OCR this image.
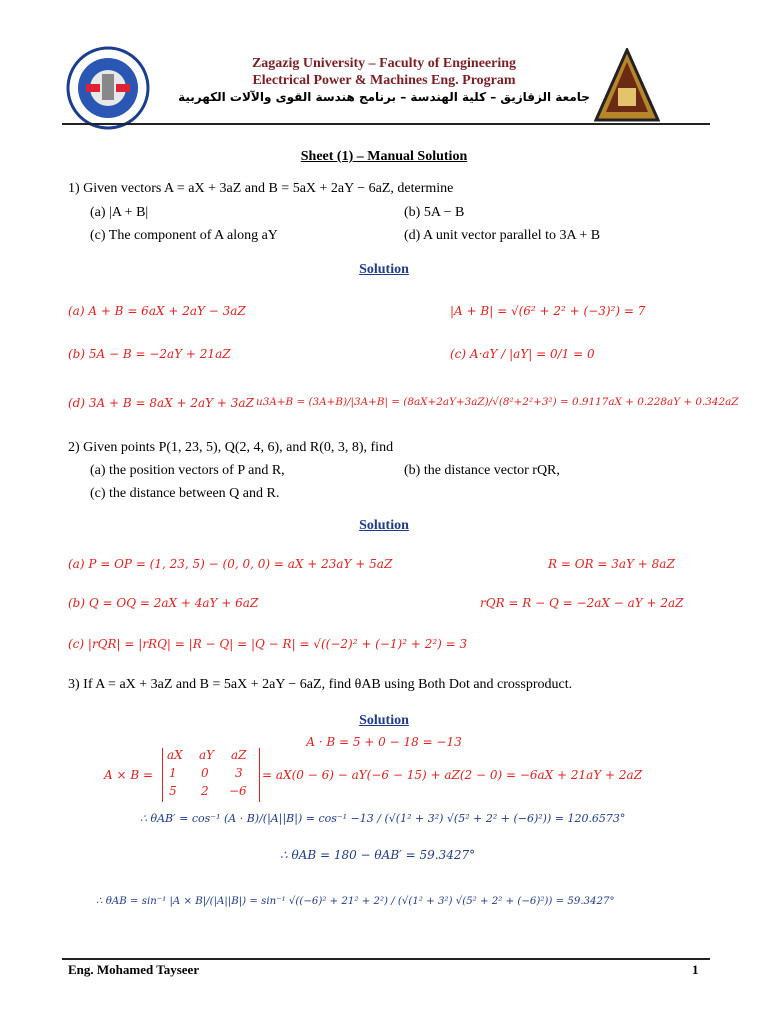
Zagazig University – Faculty of Engineering
Electrical Power & Machines Eng. Program
جامعة الزقازيق – كلية الهندسة – برنامج هندسة القوى والآلات الكهربية
Sheet (1) – Manual Solution
1) Given vectors A = aX + 3aZ and B = 5aX + 2aY − 6aZ, determine
(a) |A + B|	(b) 5A − B
(c) The component of A along aY	(d) A unit vector parallel to 3A + B
Solution
(a) A + B = 6aX + 2aY − 3aZ	|A + B| = √(6² + 2² + (−3)²) = 7
(b) 5A − B = −2aY + 21aZ	(c) A·aY / |aY| = 0/1 = 0
(d) 3A + B = 8aX + 2aY + 3aZ u3A+B = (3A+B)/|3A+B| = (8aX+2aY+3aZ)/√(8²+2²+3²) = 0.9117aX + 0.228aY + 0.342aZ
2) Given points P(1, 23, 5), Q(2, 4, 6), and R(0, 3, 8), find
(a) the position vectors of P and R,	(b) the distance vector rQR,
(c) the distance between Q and R.
Solution
(a) P = OP = (1, 23, 5) − (0, 0, 0) = aX + 23aY + 5aZ	R = OR = 3aY + 8aZ
(b) Q = OQ = 2aX + 4aY + 6aZ	rQR = R − Q = −2aX − aY + 2aZ
(c) |rQR| = |rRQ| = |R − Q| = |Q − R| = √((−2)² + (−1)² + 2²) = 3
3) If A = aX + 3aZ and B = 5aX + 2aY − 6aZ, find θAB using Both Dot and crossproduct.
Solution
A · B = 5 + 0 − 18 = −13
A × B =
aX aY aZ
1 0 3
5 2 −6
= aX(0 − 6) − aY(−6 − 15) + aZ(2 − 0) = −6aX + 21aY + 2aZ
∴ θAB′ = cos⁻¹ (A · B)/(|A||B|) = cos⁻¹ −13 / (√(1² + 3²) √(5² + 2² + (−6)²)) = 120.6573°
∴ θAB = 180 − θAB′ = 59.3427°
∴ θAB = sin⁻¹ |A × B|/(|A||B|) = sin⁻¹ √((−6)² + 21² + 2²) / (√(1² + 3²) √(5² + 2² + (−6)²)) = 59.3427°
Eng. Mohamed Tayseer	1
